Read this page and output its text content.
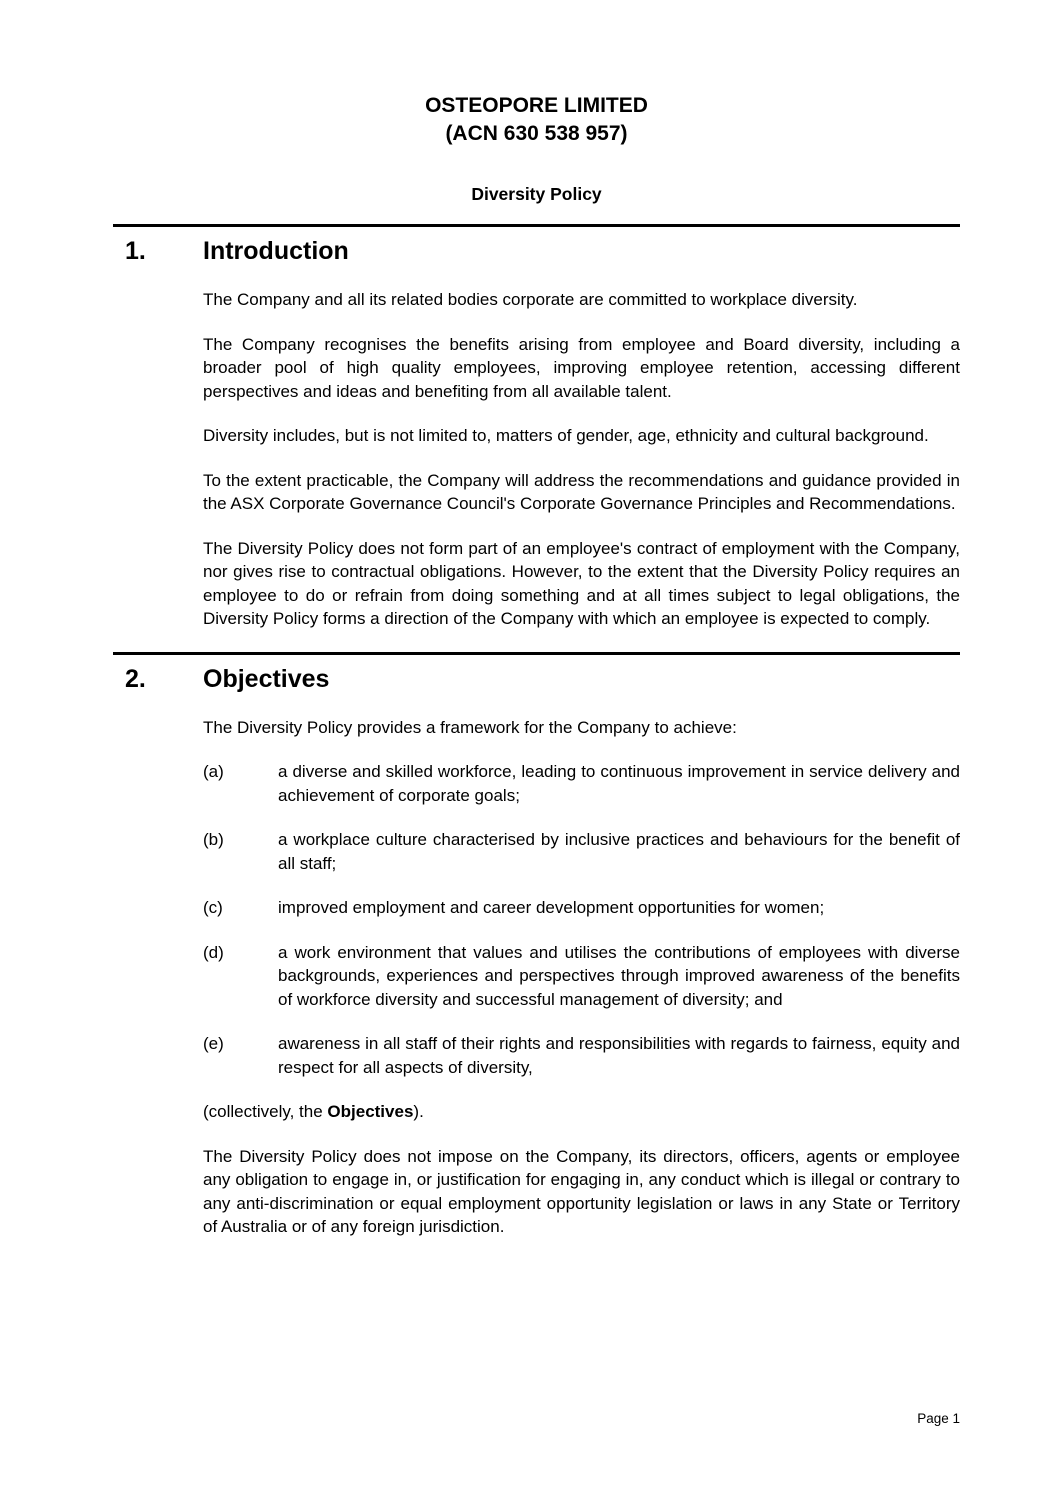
OSTEOPORE LIMITED
(ACN 630 538 957)
Diversity Policy
1.	Introduction

The Company and all its related bodies corporate are committed to workplace diversity.

The Company recognises the benefits arising from employee and Board diversity, including a broader pool of high quality employees, improving employee retention, accessing different perspectives and ideas and benefiting from all available talent.

Diversity includes, but is not limited to, matters of gender, age, ethnicity and cultural background.

To the extent practicable, the Company will address the recommendations and guidance provided in the ASX Corporate Governance Council's Corporate Governance Principles and Recommendations.

The Diversity Policy does not form part of an employee's contract of employment with the Company, nor gives rise to contractual obligations. However, to the extent that the Diversity Policy requires an employee to do or refrain from doing something and at all times subject to legal obligations, the Diversity Policy forms a direction of the Company with which an employee is expected to comply.

2.	Objectives

The Diversity Policy provides a framework for the Company to achieve:

(a)	a diverse and skilled workforce, leading to continuous improvement in service delivery and achievement of corporate goals;
(b)	a workplace culture characterised by inclusive practices and behaviours for the benefit of all staff;
(c)	improved employment and career development opportunities for women;
(d)	a work environment that values and utilises the contributions of employees with diverse backgrounds, experiences and perspectives through improved awareness of the benefits of workforce diversity and successful management of diversity; and
(e)	awareness in all staff of their rights and responsibilities with regards to fairness, equity and respect for all aspects of diversity,

(collectively, the Objectives).

The Diversity Policy does not impose on the Company, its directors, officers, agents or employee any obligation to engage in, or justification for engaging in, any conduct which is illegal or contrary to any anti-discrimination or equal employment opportunity legislation or laws in any State or Territory of Australia or of any foreign jurisdiction.

Page 1
